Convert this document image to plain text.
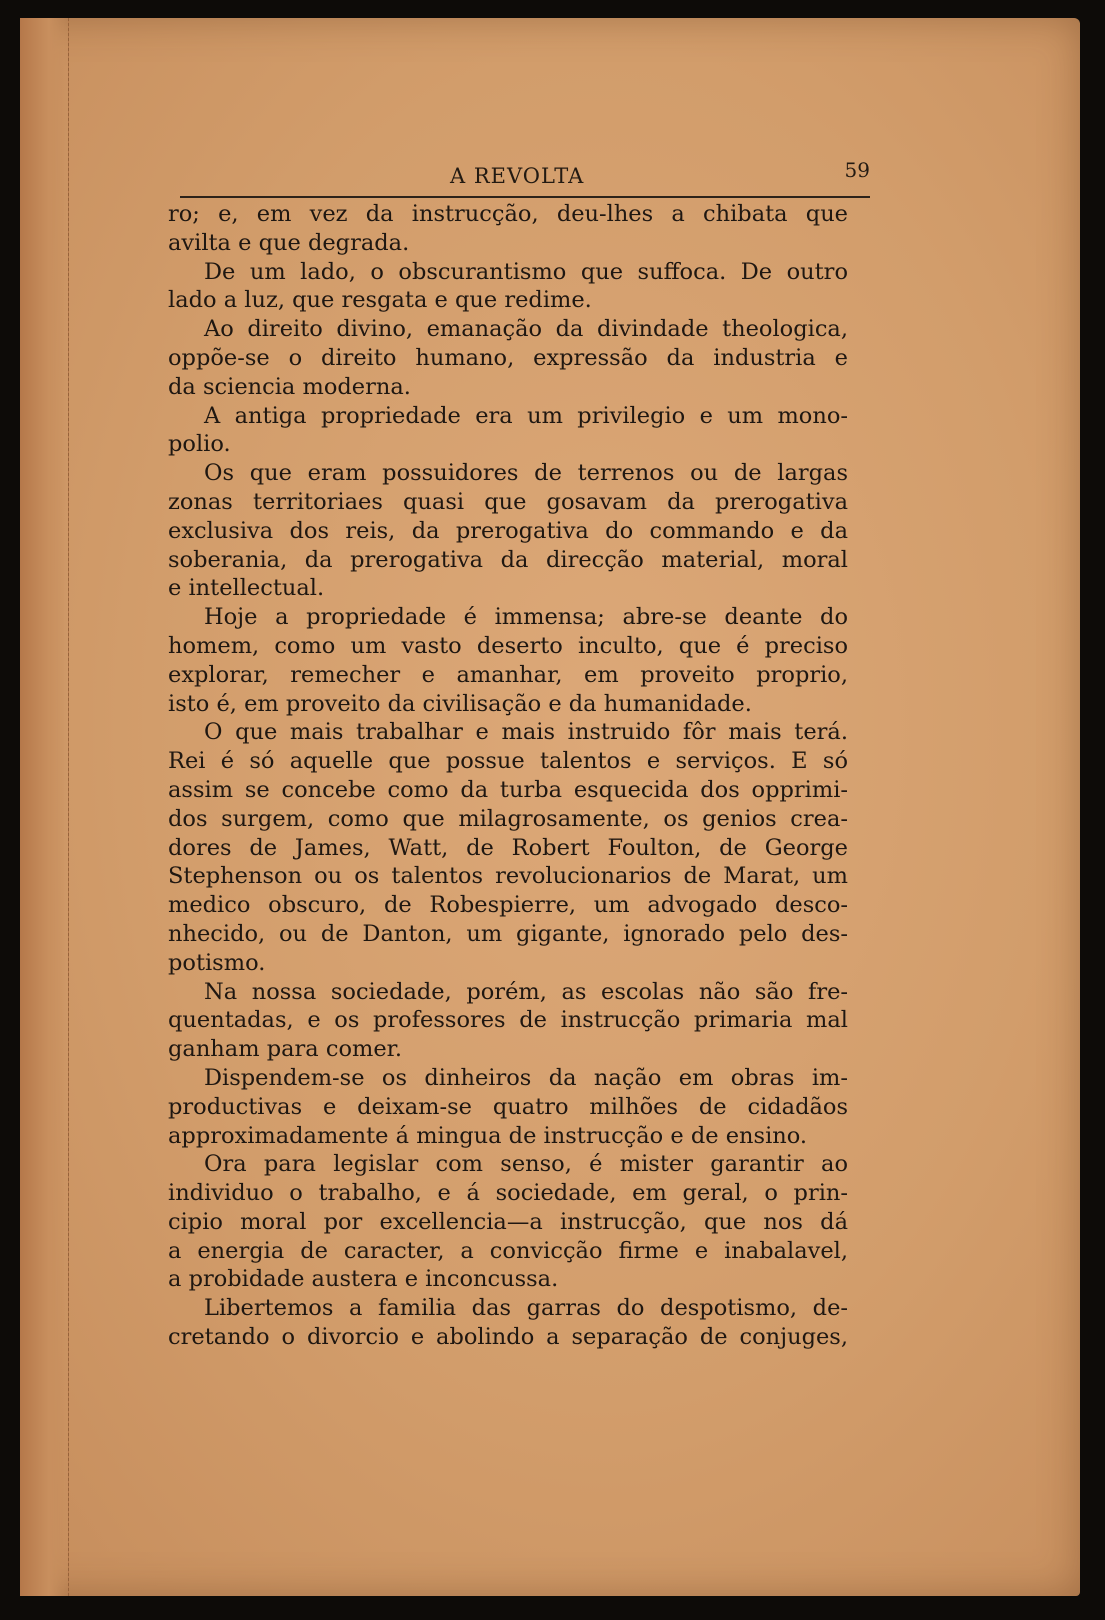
A REVOLTA	59
ro; e, em vez da instrucção, deu-lhes a chibata que
avilta e que degrada.
De um lado, o obscurantismo que suffoca. De outro
lado a luz, que resgata e que redime.
Ao direito divino, emanação da divindade theologica,
oppõe-se o direito humano, expressão da industria e
da sciencia moderna.
A antiga propriedade era um privilegio e um mono-
polio.
Os que eram possuidores de terrenos ou de largas
zonas territoriaes quasi que gosavam da prerogativa
exclusiva dos reis, da prerogativa do commando e da
soberania, da prerogativa da direcção material, moral
e intellectual.
Hoje a propriedade é immensa; abre-se deante do
homem, como um vasto deserto inculto, que é preciso
explorar, remecher e amanhar, em proveito proprio,
isto é, em proveito da civilisação e da humanidade.
O que mais trabalhar e mais instruido fôr mais terá.
Rei é só aquelle que possue talentos e serviços. E só
assim se concebe como da turba esquecida dos opprimi-
dos surgem, como que milagrosamente, os genios crea-
dores de James, Watt, de Robert Foulton, de George
Stephenson ou os talentos revolucionarios de Marat, um
medico obscuro, de Robespierre, um advogado desco-
nhecido, ou de Danton, um gigante, ignorado pelo des-
potismo.
Na nossa sociedade, porém, as escolas não são fre-
quentadas, e os professores de instrucção primaria mal
ganham para comer.
Dispendem-se os dinheiros da nação em obras im-
productivas e deixam-se quatro milhões de cidadãos
approximadamente á mingua de instrucção e de ensino.
Ora para legislar com senso, é mister garantir ao
individuo o trabalho, e á sociedade, em geral, o prin-
cipio moral por excellencia—a instrucção, que nos dá
a energia de caracter, a convicção firme e inabalavel,
a probidade austera e inconcussa.
Libertemos a familia das garras do despotismo, de-
cretando o divorcio e abolindo a separação de conjuges,
